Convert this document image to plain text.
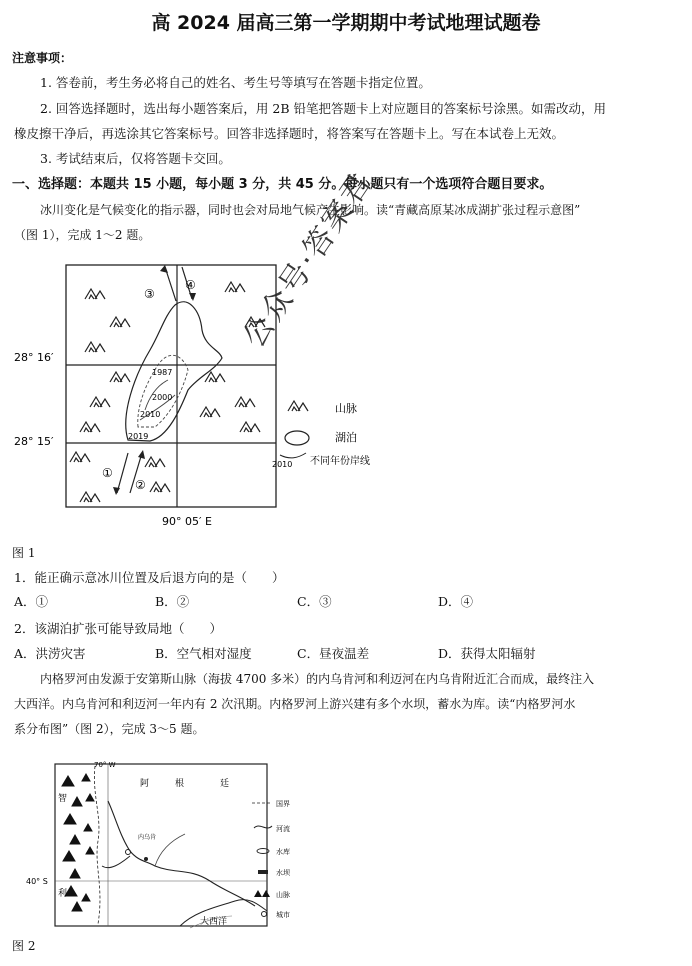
高 2024 届高三第一学期期中考试地理试题卷
注意事项：
1. 答卷前，考生务必将自己的姓名、考生号等填写在答题卡指定位置。
2. 回答选择题时，选出每小题答案后，用 2B 铅笔把答题卡上对应题目的答案标号涂黑。如需改动，用
橡皮擦干净后，再选涂其它答案标号。回答非选择题时，将答案写在答题卡上。写在本试卷上无效。
3. 考试结束后，仅将答题卡交回。
一、选择题：本题共 15 小题，每小题 3 分，共 45 分。每小题只有一个选项符合题目要求。
冰川变化是气候变化的指示器，同时也会对局地气候产生影响。读“青藏高原某冰成湖扩张过程示意图”
（图 1），完成 1～2 题。
③
④
①
②
1987
2000
2010
2019
28° 16′
28° 15′
90° 05′ E
山脉
湖泊
2010 不同年份岸线
图 1
1．能正确示意冰川位置及后退方向的是（　　）
A．①	B．②	C．③	D．④
2．该湖泊扩张可能导致局地（　　）
A．洪涝灾害	B．空气相对湿度	C．昼夜温差	D．获得太阳辐射
内格罗河由发源于安第斯山脉（海拔 4700 多米）的内乌肯河和利迈河在内乌肯附近汇合而成，最终注入
大西洋。内乌肯河和利迈河一年内有 2 次汛期。内格罗河上游兴建有多个水坝，蓄水为库。读“内格罗河水
系分布图”（图 2），完成 3～5 题。
70° W
40° S
智
利
阿	根	廷
内乌肯
大西洋
国界
河流
水库
水坝
山脉
城市
图 2
公众号·答案君
